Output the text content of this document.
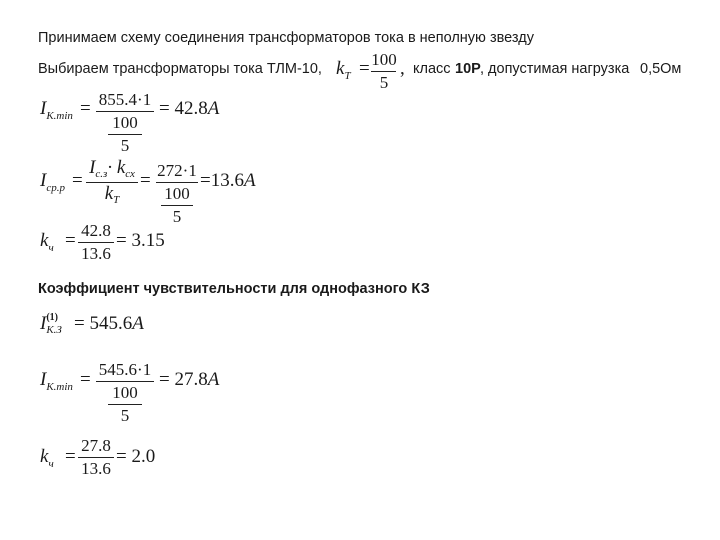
Принимаем схему соединения трансформаторов тока в неполную звезду
Выбираем трансформаторы тока ТЛМ-10, $k_T = 100$
5
, класс 10Р , допустимая нагрузка 0,5Ом
$I_{K.min} = 855.4\cdot 1$
100
5
= 42.8A
$I_{ср.р}$ =
$I_{с.з}\cdot k_{сх}$
$k_T$
= 272·1
100
5
=13.6A
$k_ч = 42.8$
13.6
= 3.15
Коэффициент чувствительности для однофазного КЗ
I (1)
К.З = 545.6A
$I_{K.min} = 545.6\cdot 1$
100
5
= 27.8A
$k_ч$ =
27.8
13.6
= 2.0
